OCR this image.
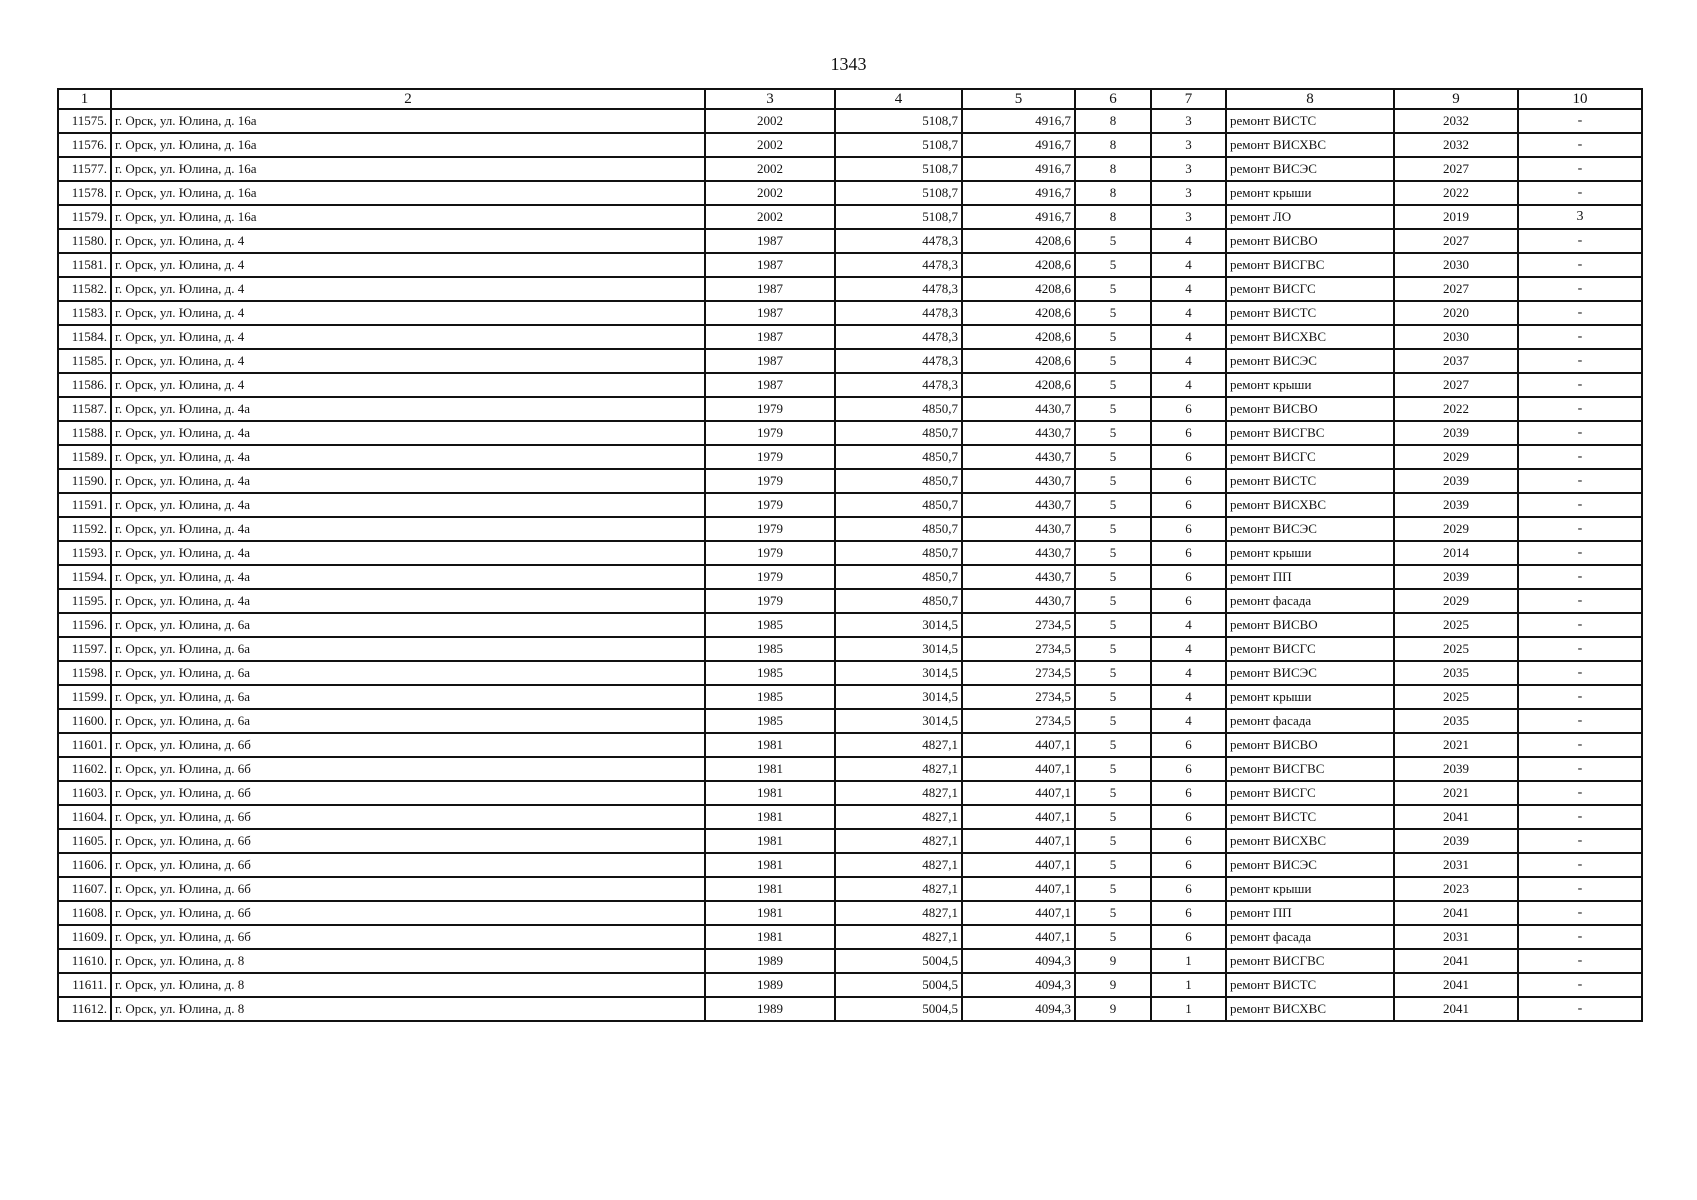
1343
1	2	3	4	5	6	7	8	9	10
11575.	г. Орск, ул. Юлина, д. 16а	2002	5108,7	4916,7	8	3	ремонт ВИСТС	2032	-
11576.	г. Орск, ул. Юлина, д. 16а	2002	5108,7	4916,7	8	3	ремонт ВИСХВС	2032	-
11577.	г. Орск, ул. Юлина, д. 16а	2002	5108,7	4916,7	8	3	ремонт ВИСЭС	2027	-
11578.	г. Орск, ул. Юлина, д. 16а	2002	5108,7	4916,7	8	3	ремонт крыши	2022	-
11579.	г. Орск, ул. Юлина, д. 16а	2002	5108,7	4916,7	8	3	ремонт ЛО	2019	3
11580.	г. Орск, ул. Юлина, д. 4	1987	4478,3	4208,6	5	4	ремонт ВИСВО	2027	-
11581.	г. Орск, ул. Юлина, д. 4	1987	4478,3	4208,6	5	4	ремонт ВИСГВС	2030	-
11582.	г. Орск, ул. Юлина, д. 4	1987	4478,3	4208,6	5	4	ремонт ВИСГС	2027	-
11583.	г. Орск, ул. Юлина, д. 4	1987	4478,3	4208,6	5	4	ремонт ВИСТС	2020	-
11584.	г. Орск, ул. Юлина, д. 4	1987	4478,3	4208,6	5	4	ремонт ВИСХВС	2030	-
11585.	г. Орск, ул. Юлина, д. 4	1987	4478,3	4208,6	5	4	ремонт ВИСЭС	2037	-
11586.	г. Орск, ул. Юлина, д. 4	1987	4478,3	4208,6	5	4	ремонт крыши	2027	-
11587.	г. Орск, ул. Юлина, д. 4а	1979	4850,7	4430,7	5	6	ремонт ВИСВО	2022	-
11588.	г. Орск, ул. Юлина, д. 4а	1979	4850,7	4430,7	5	6	ремонт ВИСГВС	2039	-
11589.	г. Орск, ул. Юлина, д. 4а	1979	4850,7	4430,7	5	6	ремонт ВИСГС	2029	-
11590.	г. Орск, ул. Юлина, д. 4а	1979	4850,7	4430,7	5	6	ремонт ВИСТС	2039	-
11591.	г. Орск, ул. Юлина, д. 4а	1979	4850,7	4430,7	5	6	ремонт ВИСХВС	2039	-
11592.	г. Орск, ул. Юлина, д. 4а	1979	4850,7	4430,7	5	6	ремонт ВИСЭС	2029	-
11593.	г. Орск, ул. Юлина, д. 4а	1979	4850,7	4430,7	5	6	ремонт крыши	2014	-
11594.	г. Орск, ул. Юлина, д. 4а	1979	4850,7	4430,7	5	6	ремонт ПП	2039	-
11595.	г. Орск, ул. Юлина, д. 4а	1979	4850,7	4430,7	5	6	ремонт фасада	2029	-
11596.	г. Орск, ул. Юлина, д. 6а	1985	3014,5	2734,5	5	4	ремонт ВИСВО	2025	-
11597.	г. Орск, ул. Юлина, д. 6а	1985	3014,5	2734,5	5	4	ремонт ВИСГС	2025	-
11598.	г. Орск, ул. Юлина, д. 6а	1985	3014,5	2734,5	5	4	ремонт ВИСЭС	2035	-
11599.	г. Орск, ул. Юлина, д. 6а	1985	3014,5	2734,5	5	4	ремонт крыши	2025	-
11600.	г. Орск, ул. Юлина, д. 6а	1985	3014,5	2734,5	5	4	ремонт фасада	2035	-
11601.	г. Орск, ул. Юлина, д. 6б	1981	4827,1	4407,1	5	6	ремонт ВИСВО	2021	-
11602.	г. Орск, ул. Юлина, д. 6б	1981	4827,1	4407,1	5	6	ремонт ВИСГВС	2039	-
11603.	г. Орск, ул. Юлина, д. 6б	1981	4827,1	4407,1	5	6	ремонт ВИСГС	2021	-
11604.	г. Орск, ул. Юлина, д. 6б	1981	4827,1	4407,1	5	6	ремонт ВИСТС	2041	-
11605.	г. Орск, ул. Юлина, д. 6б	1981	4827,1	4407,1	5	6	ремонт ВИСХВС	2039	-
11606.	г. Орск, ул. Юлина, д. 6б	1981	4827,1	4407,1	5	6	ремонт ВИСЭС	2031	-
11607.	г. Орск, ул. Юлина, д. 6б	1981	4827,1	4407,1	5	6	ремонт крыши	2023	-
11608.	г. Орск, ул. Юлина, д. 6б	1981	4827,1	4407,1	5	6	ремонт ПП	2041	-
11609.	г. Орск, ул. Юлина, д. 6б	1981	4827,1	4407,1	5	6	ремонт фасада	2031	-
11610.	г. Орск, ул. Юлина, д. 8	1989	5004,5	4094,3	9	1	ремонт ВИСГВС	2041	-
11611.	г. Орск, ул. Юлина, д. 8	1989	5004,5	4094,3	9	1	ремонт ВИСТС	2041	-
11612.	г. Орск, ул. Юлина, д. 8	1989	5004,5	4094,3	9	1	ремонт ВИСХВС	2041	-
